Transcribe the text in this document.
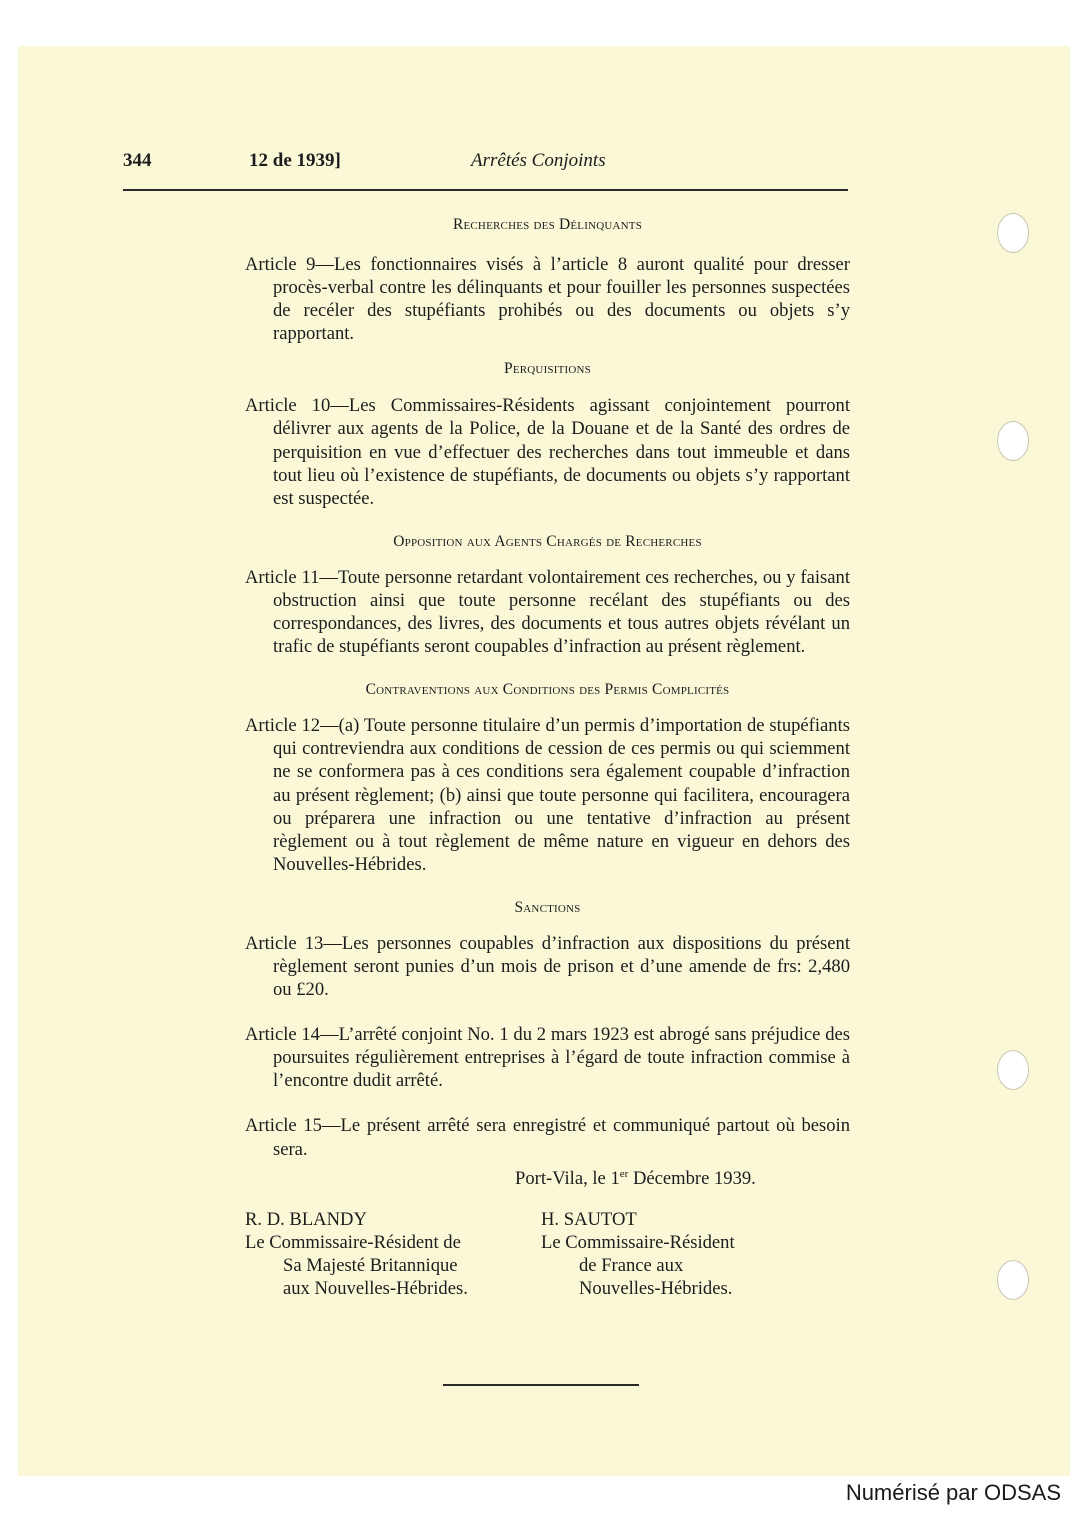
344	12 de 1939]	Arrêtés Conjoints
Recherches des Délinquants

Article 9—Les fonctionnaires visés à l’article 8 auront qualité pour dresser procès-verbal contre les délinquants et pour fouiller les personnes suspectées de recéler des stupéfiants prohibés ou des documents ou objets s’y rapportant.

Perquisitions

Article 10—Les Commissaires-Résidents agissant conjointement pourront délivrer aux agents de la Police, de la Douane et de la Santé des ordres de perquisition en vue d’effectuer des recherches dans tout immeuble et dans tout lieu où l’existence de stupéfiants, de documents ou objets s’y rapportant est suspectée.

Opposition aux Agents Chargés de Recherches

Article 11—Toute personne retardant volontairement ces recherches, ou y faisant obstruction ainsi que toute personne recélant des stupéfiants ou des correspondances, des livres, des documents et tous autres objets révélant un trafic de stupéfiants seront coupables d’infraction au présent règlement.

Contraventions aux Conditions des Permis Complicités

Article 12—(a) Toute personne titulaire d’un permis d’importation de stupéfiants qui contreviendra aux conditions de cession de ces permis ou qui sciemment ne se conformera pas à ces conditions sera également coupable d’infraction au présent règlement; (b) ainsi que toute personne qui facilitera, encouragera ou préparera une infraction ou une tentative d’infraction au présent règlement ou à tout règlement de même nature en vigueur en dehors des Nouvelles-Hébrides.

Sanctions

Article 13—Les personnes coupables d’infraction aux dispositions du présent règlement seront punies d’un mois de prison et d’une amende de frs: 2,480 ou £20.

Article 14—L’arrêté conjoint No. 1 du 2 mars 1923 est abrogé sans préjudice des poursuites régulièrement entreprises à l’égard de toute infraction commise à l’encontre dudit arrêté.

Article 15—Le présent arrêté sera enregistré et communiqué partout où besoin sera.

Port-Vila, le 1er Décembre 1939.
R. D. BLANDY
Le Commissaire-Résident de
Sa Majesté Britannique
aux Nouvelles-Hébrides.
H. SAUTOT
Le Commissaire-Résident
de France aux
Nouvelles-Hébrides.
Numérisé par ODSAS
